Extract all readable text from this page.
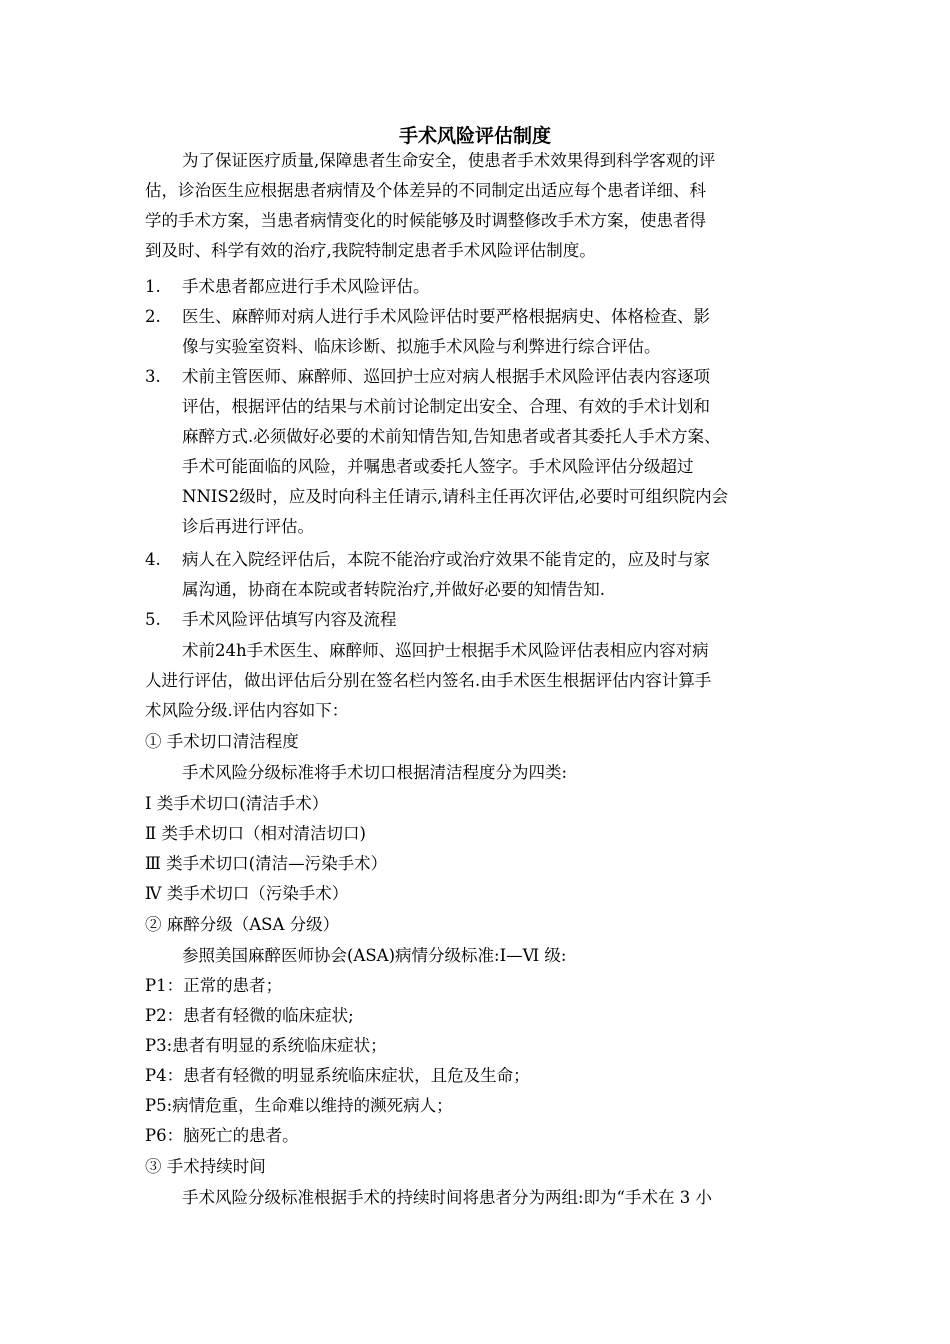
手术风险评估制度
为了保证医疗质量,保障患者生命安全，使患者手术效果得到科学客观的评
估，诊治医生应根据患者病情及个体差异的不同制定出适应每个患者详细、科
学的手术方案，当患者病情变化的时候能够及时调整修改手术方案，使患者得
到及时、科学有效的治疗,我院特制定患者手术风险评估制度。
1. 手术患者都应进行手术风险评估。
2. 医生、麻醉师对病人进行手术风险评估时要严格根据病史、体格检查、影
像与实验室资料、临床诊断、拟施手术风险与利弊进行综合评估。
3. 术前主管医师、麻醉师、巡回护士应对病人根据手术风险评估表内容逐项
评估，根据评估的结果与术前讨论制定出安全、合理、有效的手术计划和
麻醉方式.必须做好必要的术前知情告知,告知患者或者其委托人手术方案、
手术可能面临的风险，并嘱患者或委托人签字。手术风险评估分级超过
NNIS2级时，应及时向科主任请示,请科主任再次评估,必要时可组织院内会
诊后再进行评估。
4. 病人在入院经评估后，本院不能治疗或治疗效果不能肯定的，应及时与家
属沟通，协商在本院或者转院治疗,并做好必要的知情告知.
5. 手术风险评估填写内容及流程
术前24h手术医生、麻醉师、巡回护士根据手术风险评估表相应内容对病
人进行评估，做出评估后分别在签名栏内签名.由手术医生根据评估内容计算手
术风险分级.评估内容如下：
① 手术切口清洁程度
手术风险分级标准将手术切口根据清洁程度分为四类:
Ⅰ 类手术切口(清洁手术）
Ⅱ 类手术切口（相对清洁切口)
Ⅲ 类手术切口(清洁—污染手术）
Ⅳ 类手术切口（污染手术）
② 麻醉分级（ASA 分级）
参照美国麻醉医师协会(ASA)病情分级标准:I—Ⅵ 级:
P1：正常的患者；
P2：患者有轻微的临床症状;
P3:患者有明显的系统临床症状；
P4：患者有轻微的明显系统临床症状，且危及生命；
P5:病情危重，生命难以维持的濒死病人；
P6：脑死亡的患者。
③ 手术持续时间
手术风险分级标准根据手术的持续时间将患者分为两组:即为“手术在 3 小
